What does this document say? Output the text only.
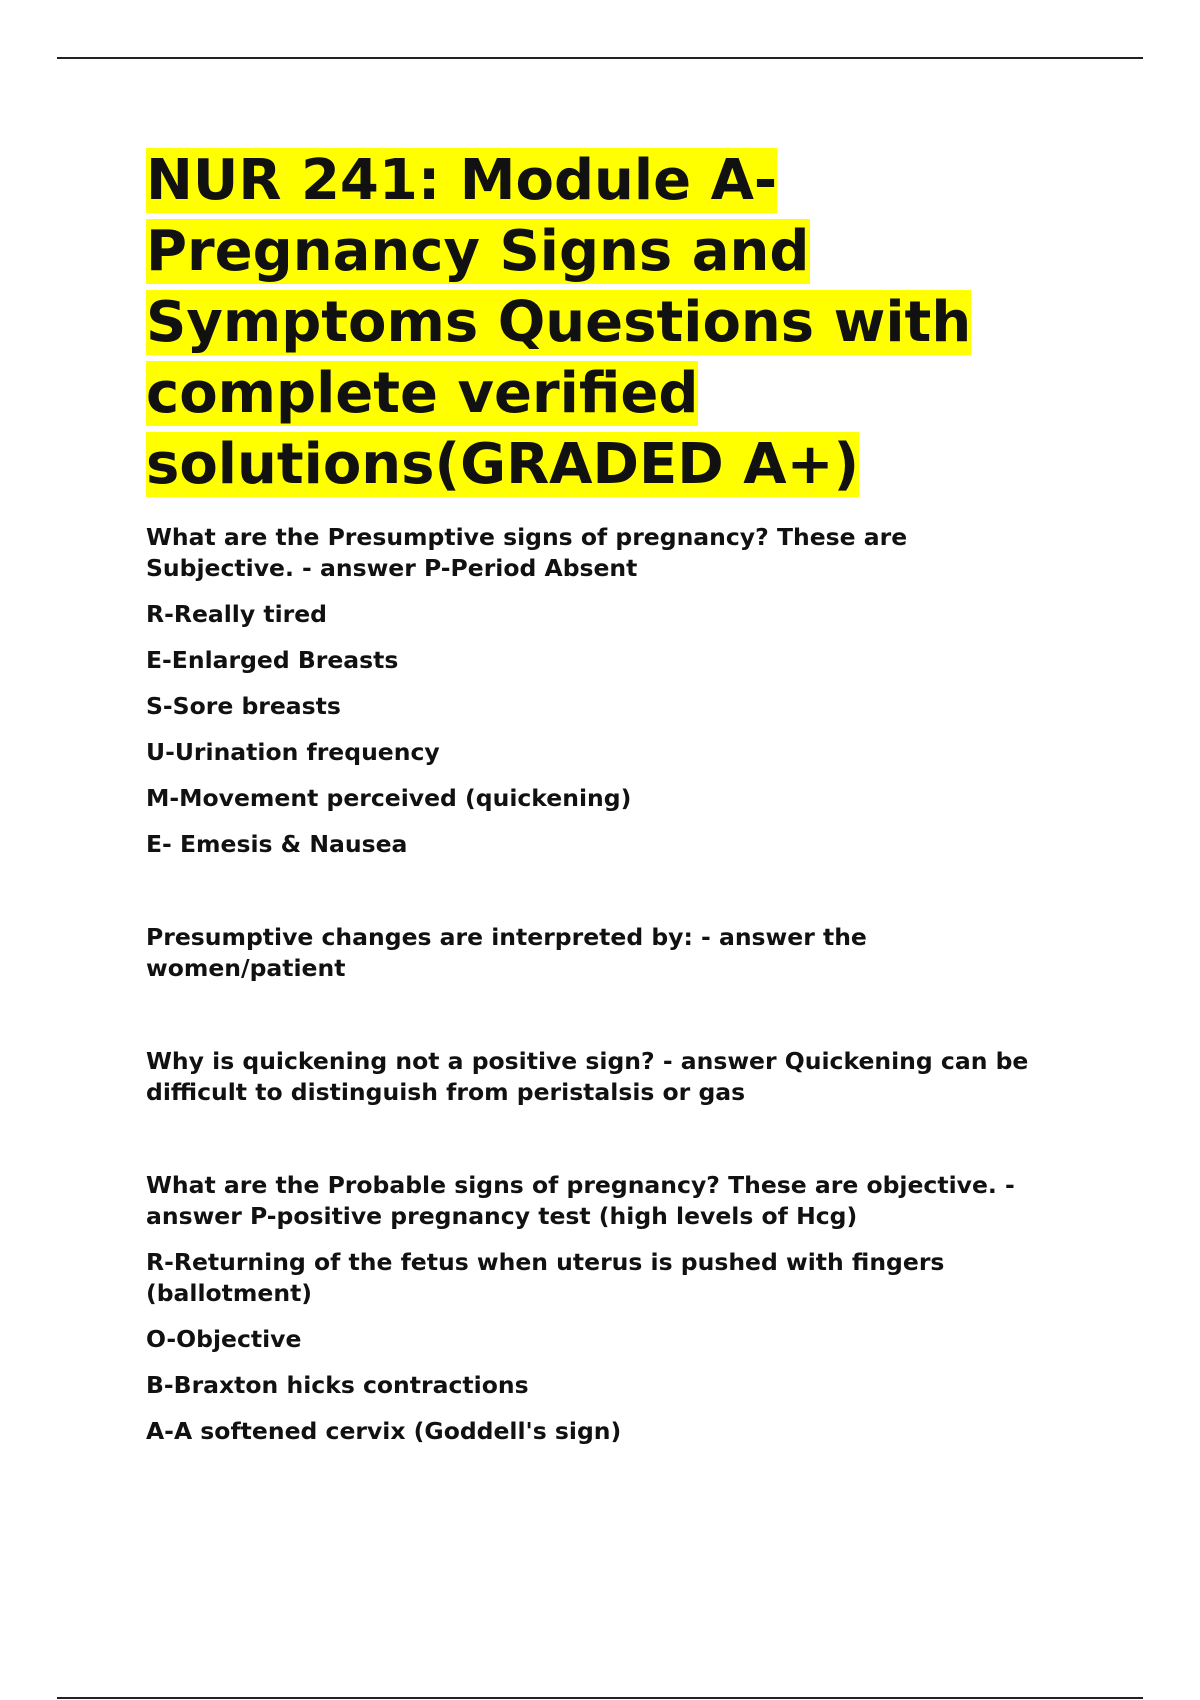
NUR 241: Module A-
Pregnancy Signs and
Symptoms Questions with
complete verified
solutions(GRADED A+)

What are the Presumptive signs of pregnancy? These are
Subjective. - answer P-Period Absent

R-Really tired

E-Enlarged Breasts

S-Sore breasts

U-Urination frequency

M-Movement perceived (quickening)

E- Emesis & Nausea

Presumptive changes are interpreted by: - answer the
women/patient

Why is quickening not a positive sign? - answer Quickening can be
difficult to distinguish from peristalsis or gas

What are the Probable signs of pregnancy? These are objective. -
answer P-positive pregnancy test (high levels of Hcg)

R-Returning of the fetus when uterus is pushed with fingers
(ballotment)

O-Objective

B-Braxton hicks contractions

A-A softened cervix (Goddell's sign)
